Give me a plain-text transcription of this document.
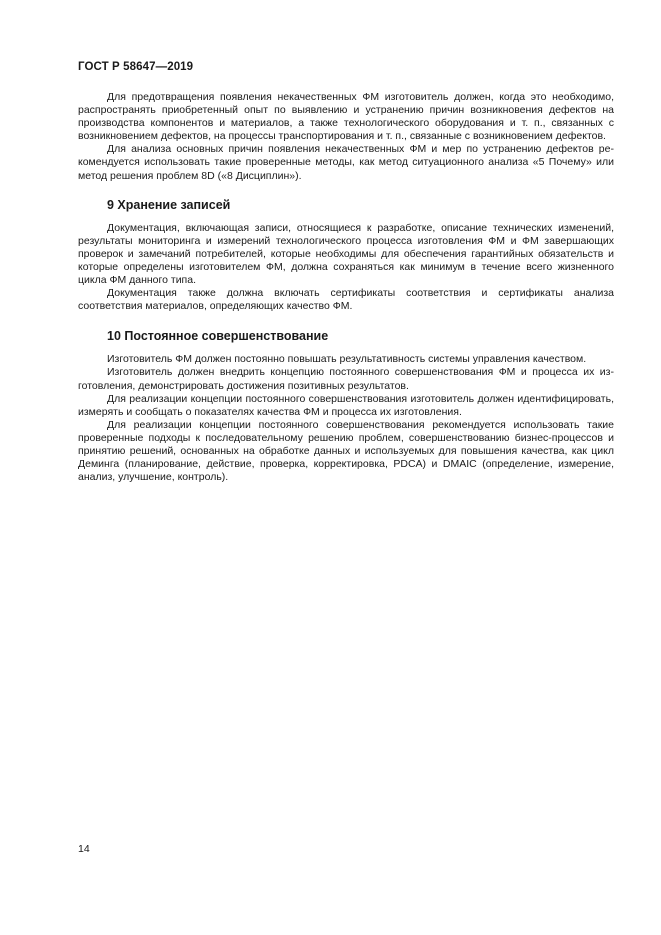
ГОСТ Р 58647—2019

Для предотвращения появления некачественных ФМ изготовитель должен, когда это необходимо, распространять приобретенный опыт по выявлению и устранению причин возникновения дефектов на производства компонентов и материалов, а также технологического оборудования и т. п., связанных с возникновением дефектов, на процессы транспортирования и т. п., связанные с возникновением дефектов.

Для анализа основных причин появления некачественных ФМ и мер по устранению дефектов рекомендуется использовать такие проверенные методы, как метод ситуационного анализа «5 Почему» или метод решения проблем 8D («8 Дисциплин»).

9 Хранение записей

Документация, включающая записи, относящиеся к разработке, описание технических изменений, результаты мониторинга и измерений технологического процесса изготовления ФМ и ФМ завершающих проверок и замечаний потребителей, которые необходимы для обеспечения гарантийных обязательств и которые определены изготовителем ФМ, должна сохраняться как минимум в течение всего жизненного цикла ФМ данного типа.

Документация также должна включать сертификаты соответствия и сертификаты анализа соответствия материалов, определяющих качество ФМ.

10 Постоянное совершенствование

Изготовитель ФМ должен постоянно повышать результативность системы управления качеством.

Изготовитель должен внедрить концепцию постоянного совершенствования ФМ и процесса их изготовления, демонстрировать достижения позитивных результатов.

Для реализации концепции постоянного совершенствования изготовитель должен идентифицировать, измерять и сообщать о показателях качества ФМ и процесса их изготовления.

Для реализации концепции постоянного совершенствования рекомендуется использовать такие проверенные подходы к последовательному решению проблем, совершенствованию бизнес-процессов и принятию решений, основанных на обработке данных и используемых для повышения качества, как цикл Деминга (планирование, действие, проверка, корректировка, PDCA) и DMAIC (определение, измерение, анализ, улучшение, контроль).

14
